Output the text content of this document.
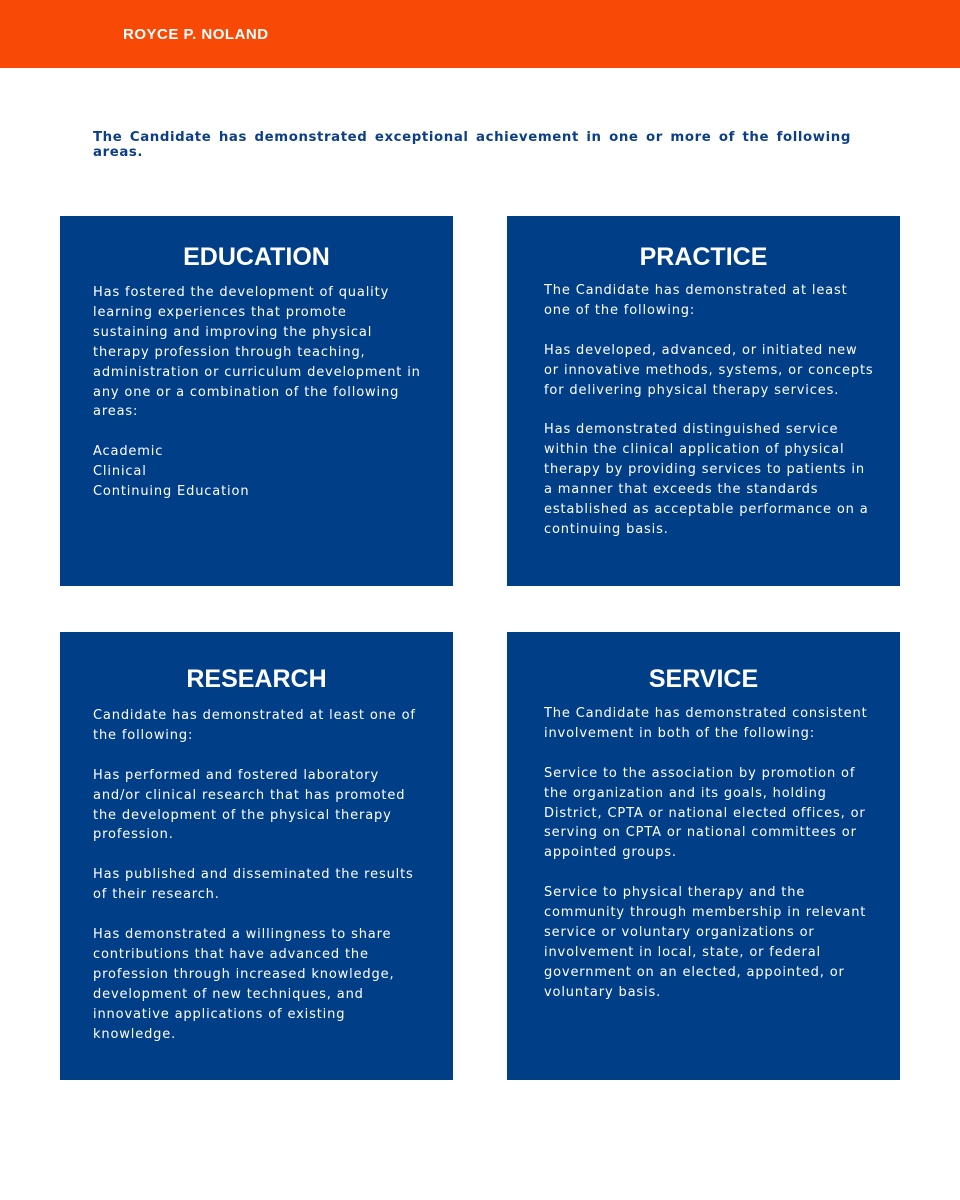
ROYCE P. NOLAND
The Candidate has demonstrated exceptional achievement in one or more of the following areas.
EDUCATION
Has fostered the development of quality learning experiences that promote sustaining and improving the physical therapy profession through teaching, administration or curriculum development in any one or a combination of the following areas:

Academic
Clinical
Continuing Education
PRACTICE
The Candidate has demonstrated at least one of the following:

Has developed, advanced, or initiated new or innovative methods, systems, or concepts for delivering physical therapy services.

Has demonstrated distinguished service within the clinical application of physical therapy by providing services to patients in a manner that exceeds the standards established as acceptable performance on a continuing basis.
RESEARCH
Candidate has demonstrated at least one of the following:

Has performed and fostered laboratory and/or clinical research that has promoted the development of the physical therapy profession.

Has published and disseminated the results of their research.

Has demonstrated a willingness to share contributions that have advanced the profession through increased knowledge, development of new techniques, and innovative applications of existing knowledge.
SERVICE
The Candidate has demonstrated consistent involvement in both of the following:

Service to the association by promotion of the organization and its goals, holding District, CPTA or national elected offices, or serving on CPTA or national committees or appointed groups.

Service to physical therapy and the community through membership in relevant service or voluntary organizations or involvement in local, state, or federal government on an elected, appointed, or voluntary basis.
